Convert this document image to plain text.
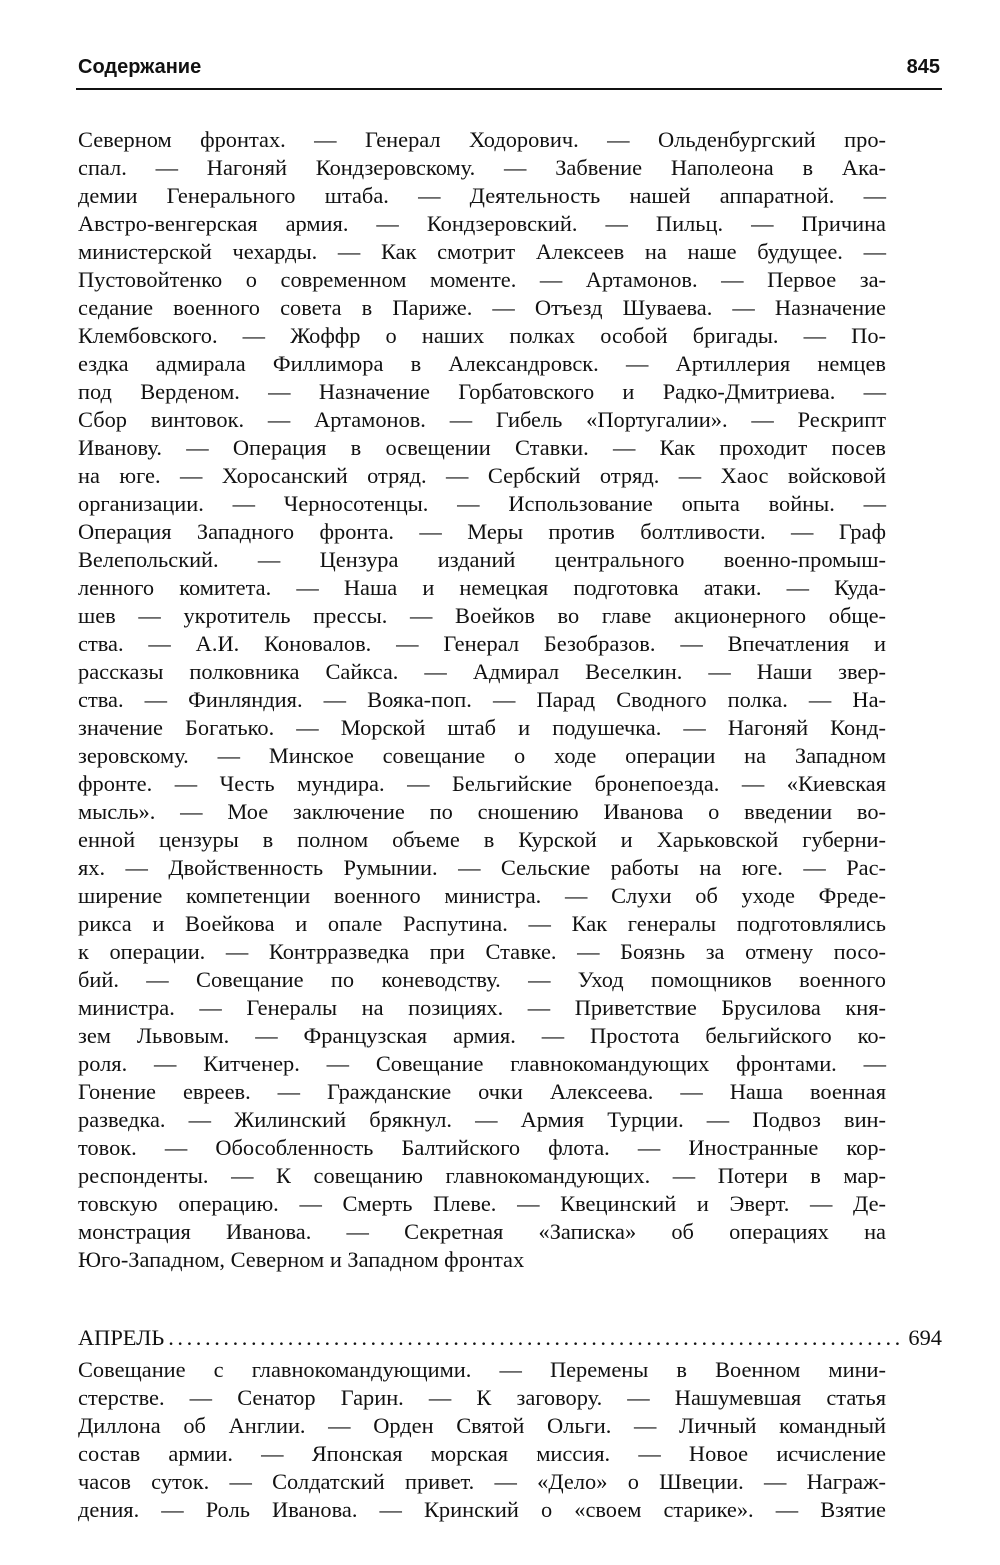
Содержание	845
Северном фронтах. — Генерал Ходорович. — Ольденбургский про-
спал. — Нагоняй Кондзеровскому. — Забвение Наполеона в Ака-
демии Генерального штаба. — Деятельность нашей аппаратной. —
Австро-венгерская армия. — Кондзеровский. — Пильц. — Причина
министерской чехарды. — Как смотрит Алексеев на наше будущее. —
Пустовойтенко о современном моменте. — Артамонов. — Первое за-
седание военного совета в Париже. — Отъезд Шуваева. — Назначение
Клембовского. — Жоффр о наших полках особой бригады. — По-
ездка адмирала Филлимора в Александровск. — Артиллерия немцев
под Верденом. — Назначение Горбатовского и Радко-Дмитриева. —
Сбор винтовок. — Артамонов. — Гибель «Португалии». — Рескрипт
Иванову. — Операция в освещении Ставки. — Как проходит посев
на юге. — Хоросанский отряд. — Сербский отряд. — Хаос войсковой
организации. — Черносотенцы. — Использование опыта войны. —
Операция Западного фронта. — Меры против болтливости. — Граф
Велепольский. — Цензура изданий центрального военно-промыш-
ленного комитета. — Наша и немецкая подготовка атаки. — Куда-
шев — укротитель прессы. — Воейков во главе акционерного обще-
ства. — А.И. Коновалов. — Генерал Безобразов. — Впечатления и
рассказы полковника Сайкса. — Адмирал Веселкин. — Наши звер-
ства. — Финляндия. — Вояка-поп. — Парад Сводного полка. — На-
значение Богатько. — Морской штаб и подушечка. — Нагоняй Конд-
зеровскому. — Минское совещание о ходе операции на Западном
фронте. — Честь мундира. — Бельгийские бронепоезда. — «Киевская
мысль». — Мое заключение по сношению Иванова о введении во-
енной цензуры в полном объеме в Курской и Харьковской губерни-
ях. — Двойственность Румынии. — Сельские работы на юге. — Рас-
ширение компетенции военного министра. — Слухи об уходе Фреде-
рикса и Воейкова и опале Распутина. — Как генералы подготовлялись
к операции. — Контрразведка при Ставке. — Боязнь за отмену посо-
бий. — Совещание по коневодству. — Уход помощников военного
министра. — Генералы на позициях. — Приветствие Брусилова кня-
зем Львовым. — Французская армия. — Простота бельгийского ко-
роля. — Китченер. — Совещание главнокомандующих фронтами. —
Гонение евреев. — Гражданские очки Алексеева. — Наша военная
разведка. — Жилинский брякнул. — Армия Турции. — Подвоз вин-
товок. — Обособленность Балтийского флота. — Иностранные кор-
респонденты. — К совещанию главнокомандующих. — Потери в мар-
товскую операцию. — Смерть Плеве. — Квецинский и Эверт. — Де-
монстрация Иванова. — Секретная «Записка» об операциях на
Юго-Западном, Северном и Западном фронтах
АПРЕЛЬ
. . .	694
Совещание с главнокомандующими. — Перемены в Военном мини-
стерстве. — Сенатор Гарин. — К заговору. — Нашумевшая статья
Диллона об Англии. — Орден Святой Ольги. — Личный командный
состав армии. — Японская морская миссия. — Новое исчисление
часов суток. — Солдатский привет. — «Дело» о Швеции. — Награж-
дения. — Роль Иванова. — Кринский о «своем старике». — Взятие
